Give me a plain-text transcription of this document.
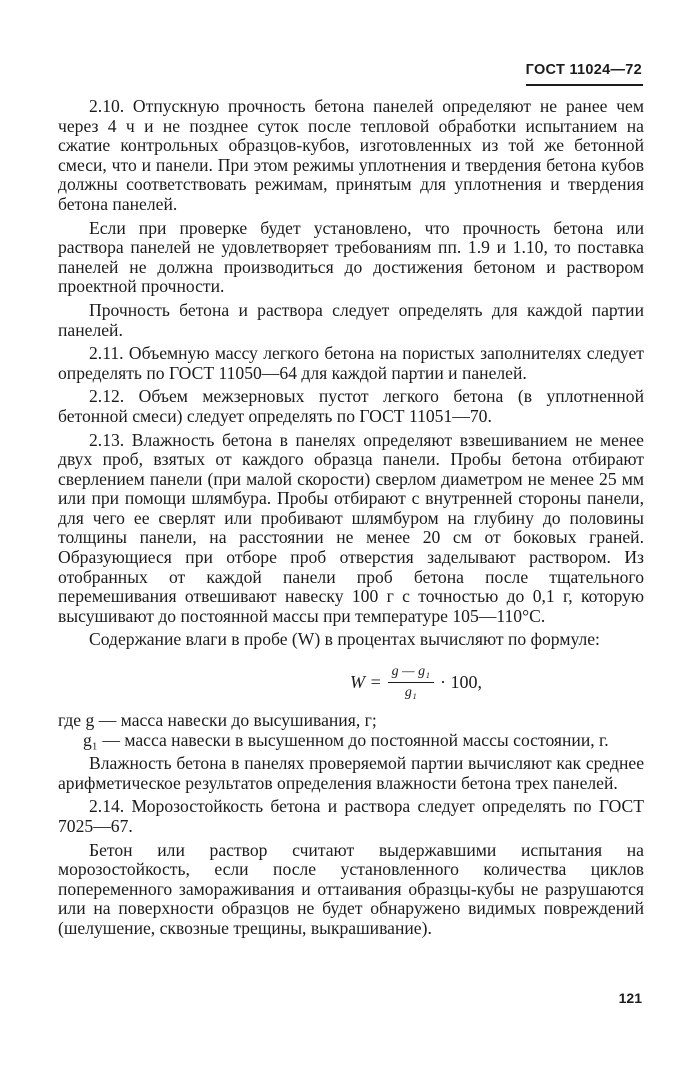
ГОСТ 11024—72

2.10. Отпускную прочность бетона панелей определяют не ранее чем через 4 ч и не позднее суток после тепловой обработки испытанием на сжатие контрольных образцов-кубов, изготовленных из той же бетонной смеси, что и панели. При этом режимы уплотнения и твердения бетона кубов должны соответствовать режимам, принятым для уплотнения и твердения бетона панелей.

Если при проверке будет установлено, что прочность бетона или раствора панелей не удовлетворяет требованиям пп. 1.9 и 1.10, то поставка панелей не должна производиться до достижения бетоном и раствором проектной прочности.

Прочность бетона и раствора следует определять для каждой партии панелей.

2.11. Объемную массу легкого бетона на пористых заполнителях следует определять по ГОСТ 11050—64 для каждой партии и панелей.

2.12. Объем межзерновых пустот легкого бетона (в уплотненной бетонной смеси) следует определять по ГОСТ 11051—70.

2.13. Влажность бетона в панелях определяют взвешиванием не менее двух проб, взятых от каждого образца панели. Пробы бетона отбирают сверлением панели (при малой скорости) сверлом диаметром не менее 25 мм или при помощи шлямбура. Пробы отбирают с внутренней стороны панели, для чего ее сверлят или пробивают шлямбуром на глубину до половины толщины панели, на расстоянии не менее 20 см от боковых граней. Образующиеся при отборе проб отверстия заделывают раствором. Из отобранных от каждой панели проб бетона после тщательного перемешивания отвешивают навеску 100 г с точностью до 0,1 г, которую высушивают до постоянной массы при температуре 105—110°C.

Содержание влаги в пробе (W) в процентах вычисляют по формуле:

$W = \frac{\text{g — g₁}}{\text{g₁}} \cdot 100$,

где g — масса навески до высушивания, г;

g₁ — масса навески в высушенном до постоянной массы состоянии, г.

Влажность бетона в панелях проверяемой партии вычисляют как среднее арифметическое результатов определения влажности бетона трех панелей.

2.14. Морозостойкость бетона и раствора следует определять по ГОСТ 7025—67.

Бетон или раствор считают выдержавшими испытания на морозостойкость, если после установленного количества циклов попеременного замораживания и оттаивания образцы-кубы не разрушаются или на поверхности образцов не будет обнаружено видимых повреждений (шелушение, сквозные трещины, выкрашивание).

121
